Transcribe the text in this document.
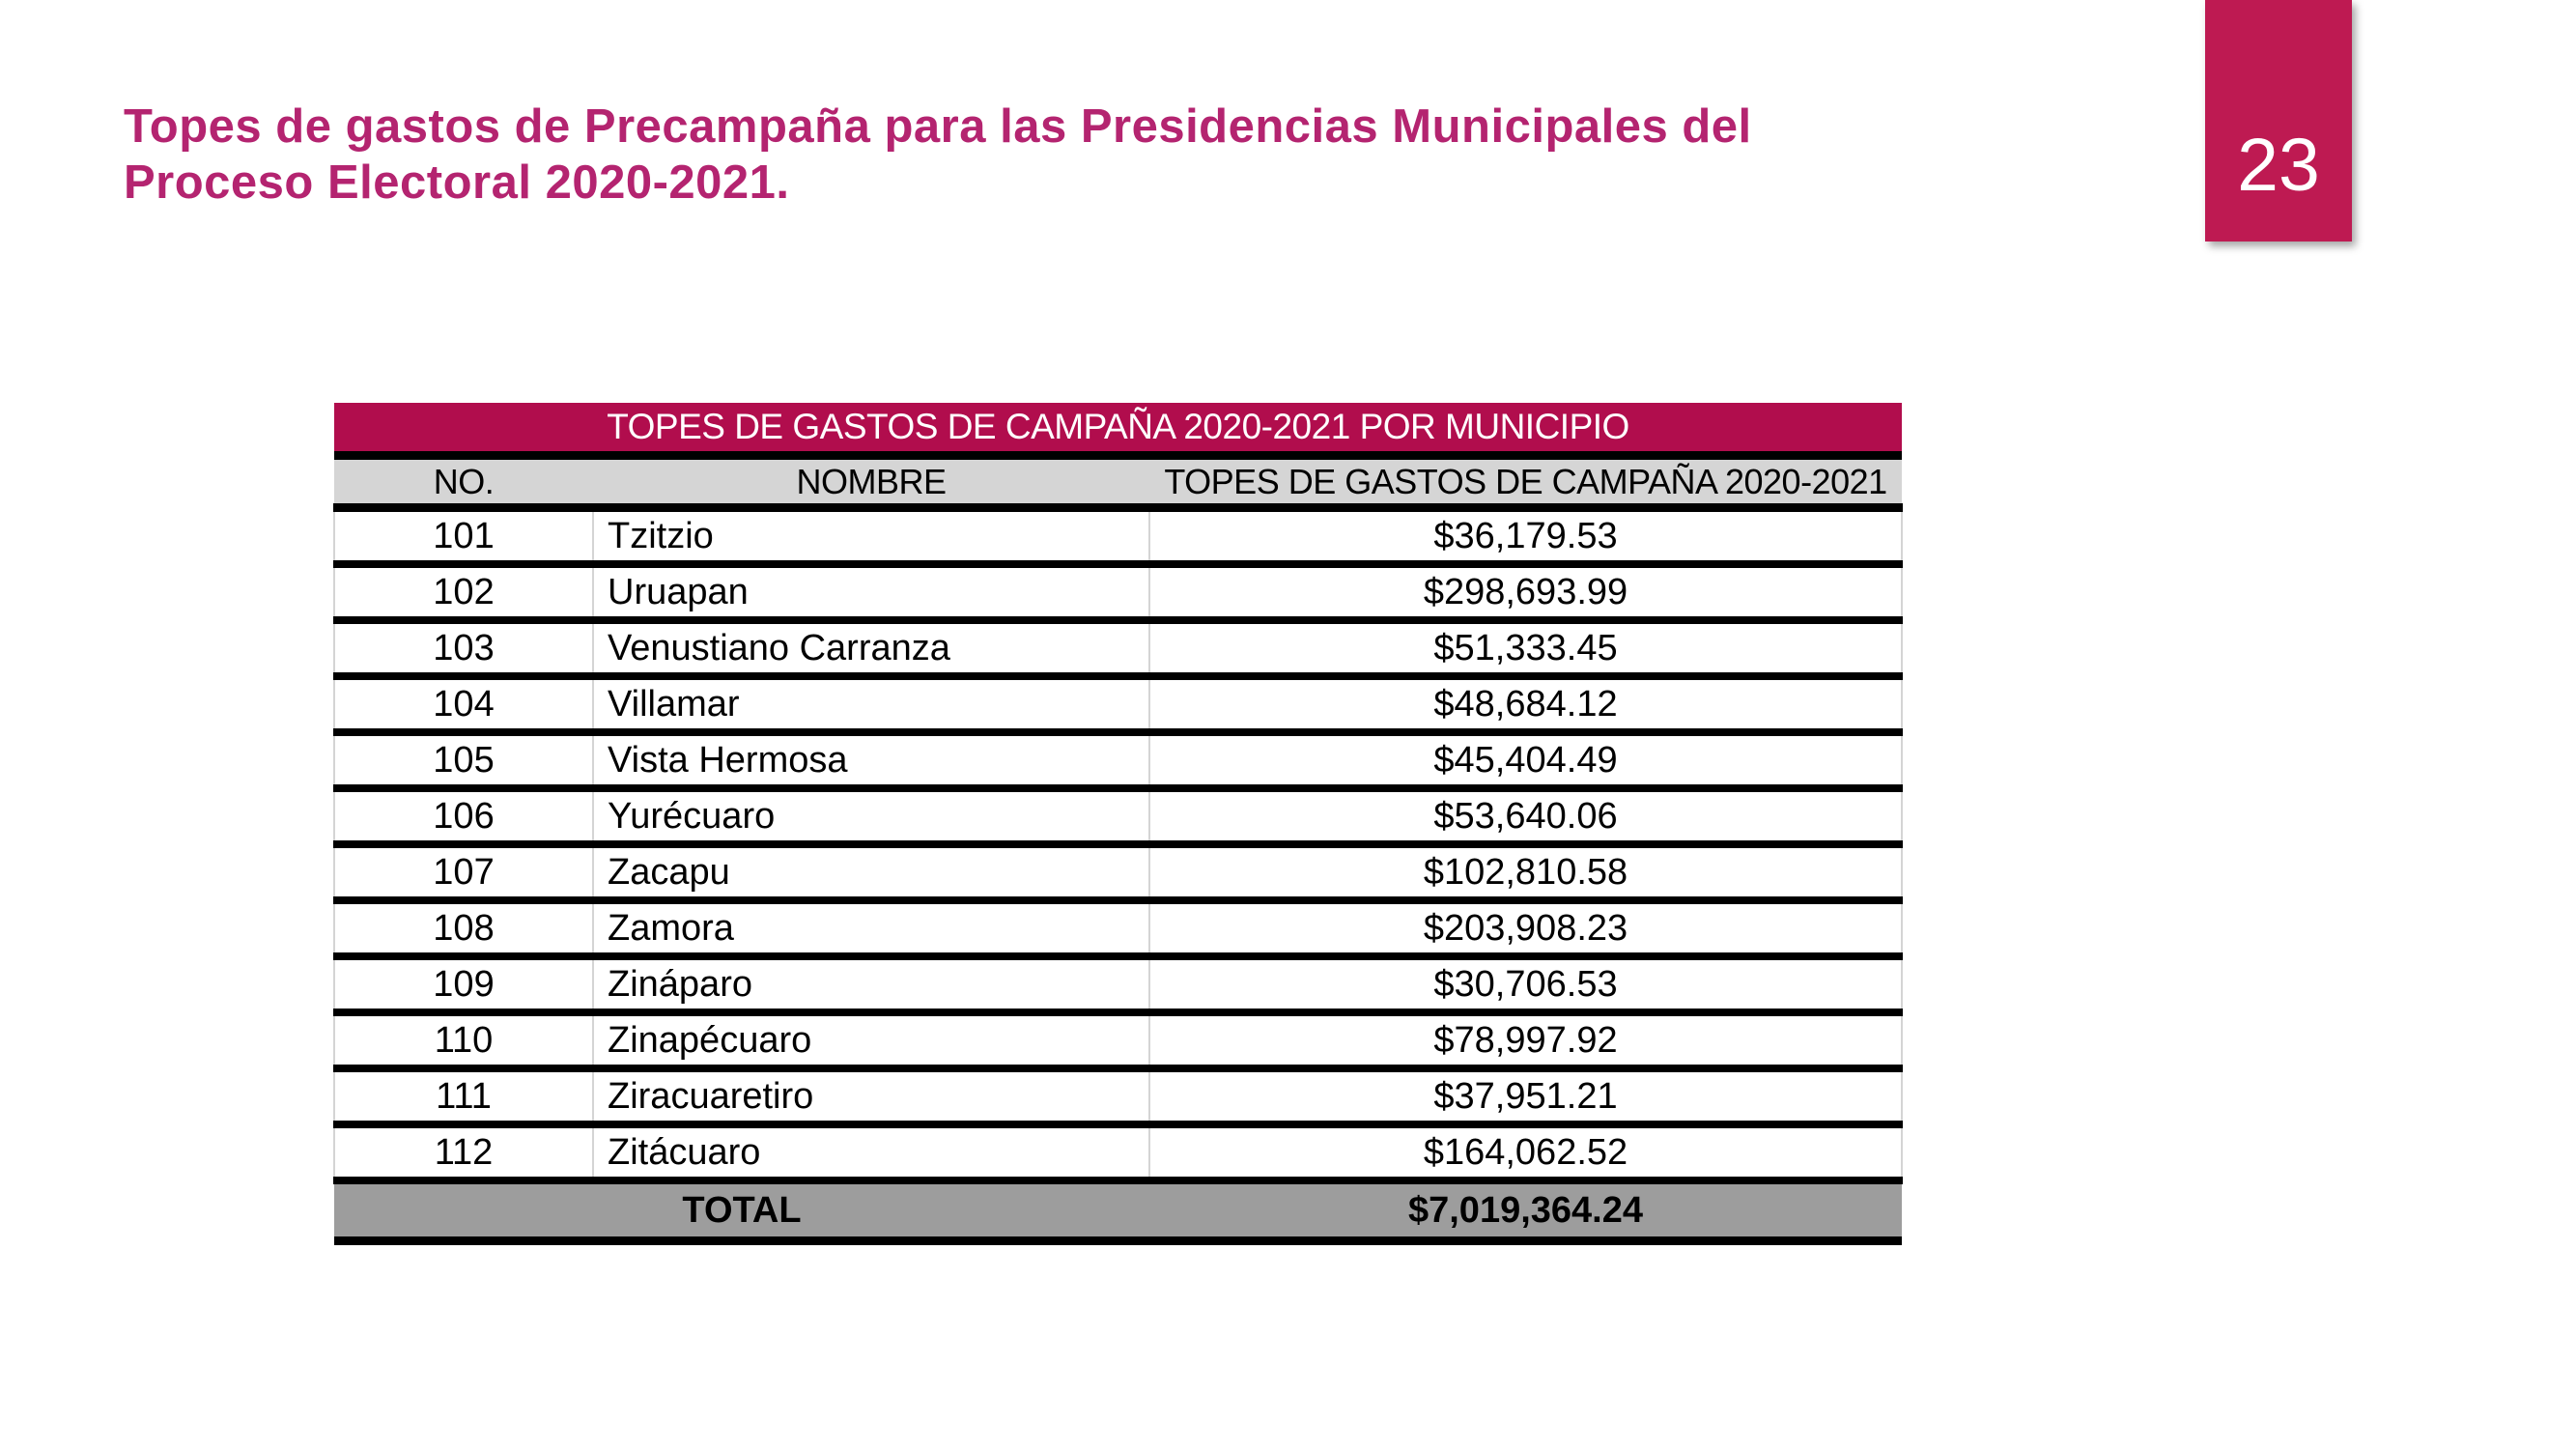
Topes de gastos de Precampaña para las Presidencias Municipales del
Proceso Electoral 2020-2021.	23
TOPES DE GASTOS DE CAMPAÑA 2020-2021 POR MUNICIPIO		
NO.	NOMBRE	TOPES DE GASTOS DE CAMPAÑA 2020-2021
101	Tzitzio	$36,179.53
102	Uruapan	$298,693.99
103	Venustiano Carranza	$51,333.45
104	Villamar	$48,684.12
105	Vista Hermosa	$45,404.49
106	Yurécuaro	$53,640.06
107	Zacapu	$102,810.58
108	Zamora	$203,908.23
109	Zináparo	$30,706.53
110	Zinapécuaro	$78,997.92
111	Ziracuaretiro	$37,951.21
112	Zitácuaro	$164,062.52
TOTAL		$7,019,364.24
